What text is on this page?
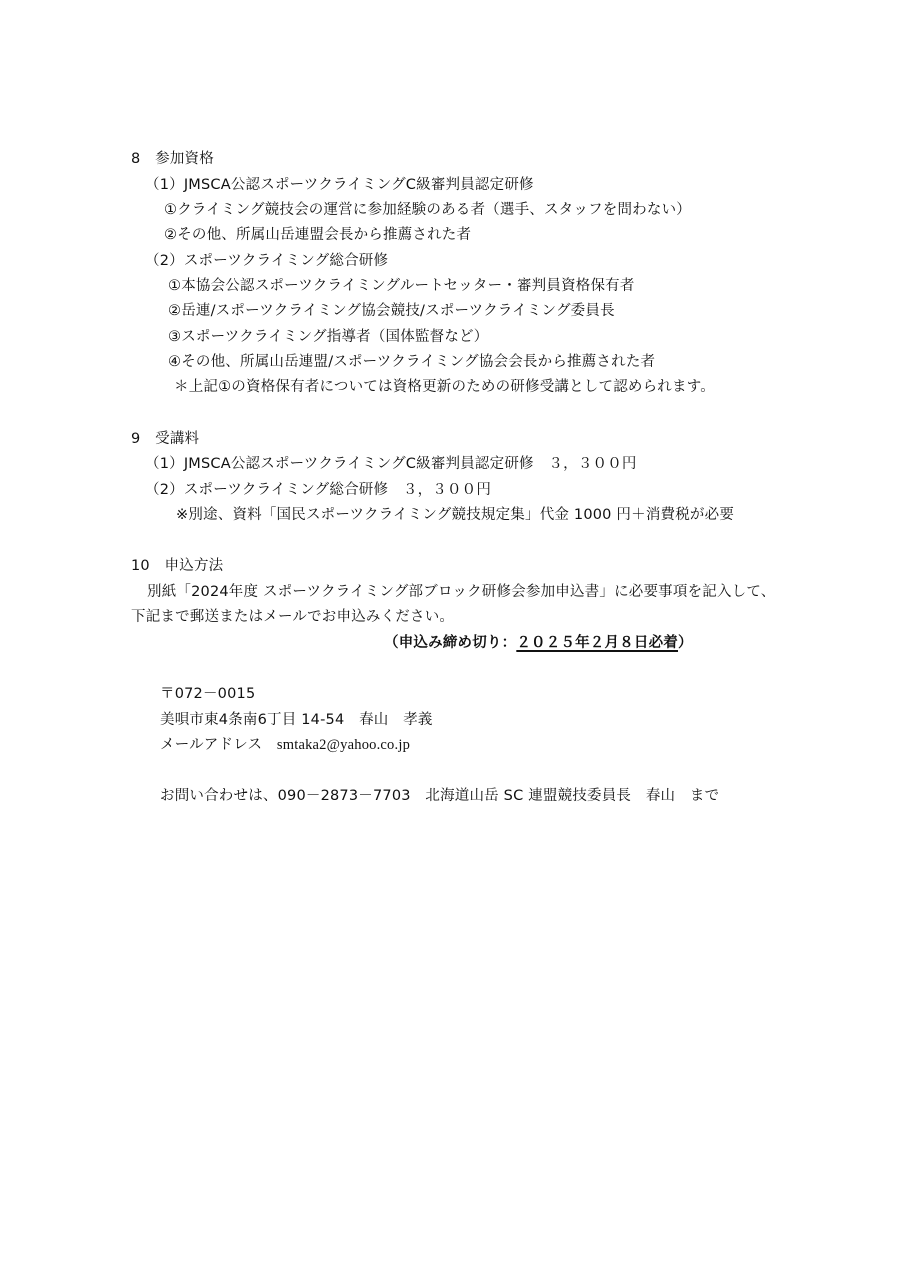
8　参加資格
（1）JMSCA公認スポーツクライミングC級審判員認定研修
①クライミング競技会の運営に参加経験のある者（選手、スタッフを問わない）
②その他、所属山岳連盟会長から推薦された者
（2）スポーツクライミング総合研修
①本協会公認スポーツクライミングルートセッター・審判員資格保有者
②岳連/スポーツクライミング協会競技/スポーツクライミング委員長
③スポーツクライミング指導者（国体監督など）
④その他、所属山岳連盟/スポーツクライミング協会会長から推薦された者
＊上記①の資格保有者については資格更新のための研修受講として認められます。
9　受講料
（1）JMSCA公認スポーツクライミングC級審判員認定研修　３，３００円
（2）スポーツクライミング総合研修　３，３００円
※別途、資料「国民スポーツクライミング競技規定集」代金 1000 円＋消費税が必要
10　申込方法
別紙「2024年度 スポーツクライミング部ブロック研修会参加申込書」に必要事項を記入して、
下記まで郵送またはメールでお申込みください。
（申込み締め切り：２０２５年２月８日必着）
〒072－0015
美唄市東4条南6丁目 14-54　春山　孝義
メールアドレス　 smtaka2@yahoo.co.jp
お問い合わせは、090－2873－7703　北海道山岳 SC 連盟競技委員長　春山　まで
